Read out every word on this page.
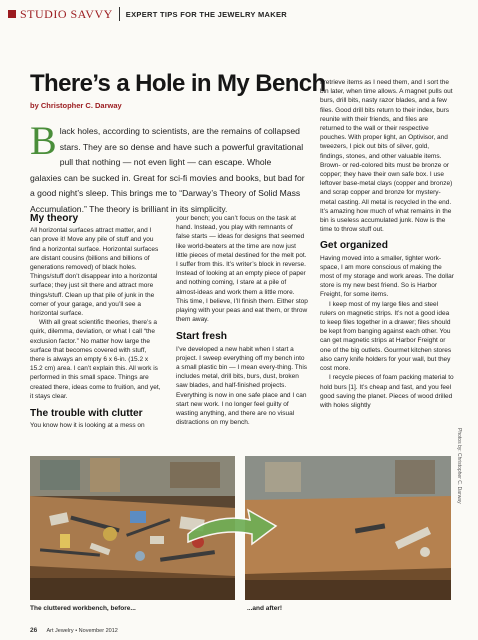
STUDIO SAVVY EXPERT TIPS FOR THE JEWELRY MAKER
There’s a Hole in My Bench
by Christopher C. Darway

Black holes, according to scientists, are the remains of collapsed stars. They are so dense and have such a powerful gravitational pull that nothing — not even light — can escape. Whole galaxies can be sucked in. Great for sci-fi movies and books, but bad for a good night’s sleep. This brings me to “Darway’s Theory of Solid Mass Accumulation.” The theory is brilliant in its simplicity.

My theory

All horizontal surfaces attract matter, and I can prove it! Move any pile of stuff and you find a horizontal surface. Horizontal surfaces are distant cousins (billions and billions of generations removed) of black holes. Things/stuff don’t disappear into a horizontal surface; they just sit there and attract more things/stuff. Clean up that pile of junk in the corner of your garage, and you’ll see a horizontal surface.

With all great scientific theories, there’s a quirk, dilemma, deviation, or what I call “the exclusion factor.” No matter how large the surface that becomes covered with stuff, there is always an empty 6 x 6-in. (15.2 x 15.2 cm) area. I can’t explain this. All work is performed in this small space. Things are created there, ideas come to fruition, and yet, it stays clear.

The trouble with clutter

You know how it is looking at a mess on

your bench; you can’t focus on the task at hand. Instead, you play with remnants of false starts — ideas for designs that seemed like world-beaters at the time are now just little pieces of metal destined for the melt pot. I suffer from this. It’s writer’s block in reverse. Instead of looking at an empty piece of paper and nothing coming, I stare at a pile of almost-ideas and work them a little more. This time, I believe, I’ll finish them. Either stop playing with your peas and eat them, or throw them away.

Start fresh

I’ve developed a new habit when I start a project. I sweep everything off my bench into a small plastic bin — I mean every-thing. This includes metal, drill bits, burs, dust, broken saw blades, and half-finished projects. Everything is now in one safe place and I can start new work. I no longer feel guilty of wasting anything, and there are no visual distractions on my bench.

I retrieve items as I need them, and I sort the bin later, when time allows. A magnet pulls out burs, drill bits, nasty razor blades, and a few files. Good drill bits return to their index, burs reunite with their friends, and files are returned to the wall or their respective pouches. With proper light, an Optivisor, and tweezers, I pick out bits of silver, gold, findings, stones, and other valuable items. Brown- or red-colored bits must be bronze or copper; they have their own safe box. I use leftover base-metal clays (copper and bronze) and scrap copper and bronze for mystery-metal casting. All metal is recycled in the end. It’s amazing how much of what remains in the bin is useless accumulated junk. Now is the time to throw stuff out.

Get organized

Having moved into a smaller, tighter work-space, I am more conscious of making the most of my storage and work areas. The dollar store is my new best friend. So is Harbor Freight, for some items.

I keep most of my large files and steel rulers on magnetic strips. It’s not a good idea to keep files together in a drawer; files should be kept from banging against each other. You can get magnetic strips at Harbor Freight or one of the big outlets. Gourmet kitchen stores also carry knife holders for your wall, but they cost more.

I recycle pieces of foam packing material to hold burs [1]. It’s cheap and fast, and you feel good saving the planet. Pieces of wood drilled with holes slightly

Photos by: Christopher C. Darway
The cluttered workbench, before...	...and after!
26 Art Jewelry • November 2012
